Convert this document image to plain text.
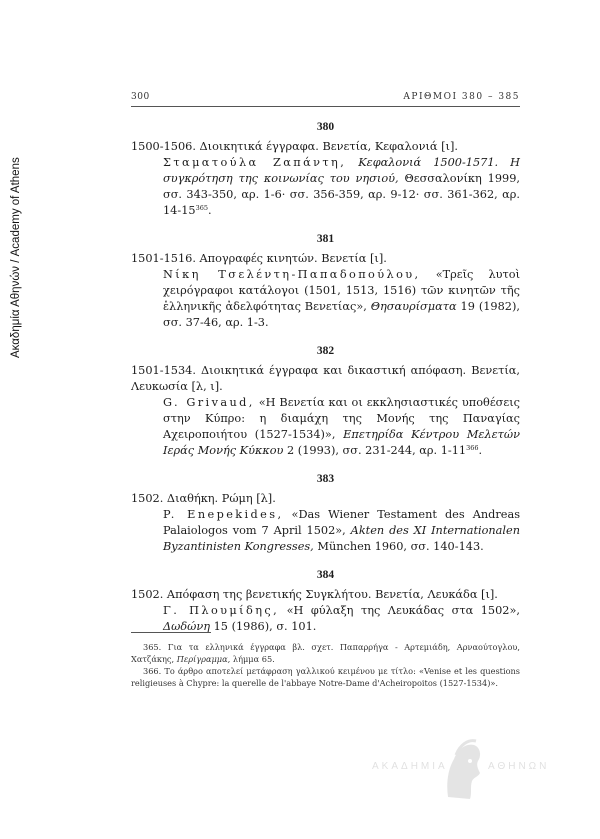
Ακαδημία Αθηνών / Academy of Athens
300	ΑΡΙΘΜΟΙ 380 – 385
380
1500-1506. Διοικητικά έγγραφα. Βενετία, Κεφαλονιά [ι].
Σταματούλα Ζαπάντη, Κεφαλονιά 1500-1571. Η συγκρότηση της κοινωνίας του νησιού, Θεσσαλονίκη 1999, σσ. 343-350, αρ. 1-6· σσ. 356-359, αρ. 9-12· σσ. 361-362, αρ. $14-15^{365}$.
381
1501-1516. Απογραφές κινητών. Βενετία [ι].
Νίκη Τσελέντη-Παπαδοπούλου, «Τρεῖς λυτοὶ χειρόγραφοι κατάλογοι (1501, 1513, 1516) τῶν κινητῶν τῆς ἑλληνικῆς ἀδελφότητας Βενετίας», Θησαυρίσματα 19 (1982), σσ. 37-46, αρ. 1-3.
382
1501-1534. Διοικητικά έγγραφα και δικαστική απόφαση. Βενετία, Λευκωσία [λ, ι].
G. Grivaud, «Η Βενετία και οι εκκλησιαστικές υποθέσεις στην Κύπρο: η διαμάχη της Μονής της Παναγίας Αχειροποιήτου (1527-1534)», Επετηρίδα Κέντρου Μελετών Ιεράς Μονής Κύκκου 2 (1993), σσ. 231-244, αρ. $1-11^{366}$.
383
1502. Διαθήκη. Ρώμη [λ].
P. Enepekides, «Das Wiener Testament des Andreas Palaiologos vom 7 April 1502», Akten des XI Internationalen Byzantinisten Kongresses, München 1960, σσ. 140-143.
384
1502. Απόφαση της βενετικής Συγκλήτου. Βενετία, Λευκάδα [ι].
Γ. Πλουμίδης, «Η φύλαξη της Λευκάδας στα 1502», Δωδώνη 15 (1986), σ. 101.
365. Για τα ελληνικά έγγραφα βλ. σχετ. Παπαρρήγα - Αρτεμιάδη, Αρναούτογλου, Χατζάκης, Περίγραμμα, λήμμα 65.
366. Το άρθρο αποτελεί μετάφραση γαλλικού κειμένου με τίτλο: «Venise et les questions religieuses à Chypre: la querelle de l'abbaye Notre-Dame d'Acheiropoitos (1527-1534)».
ΑΚΑΔΗΜΙΑ	ΑΘΗΝΩΝ
